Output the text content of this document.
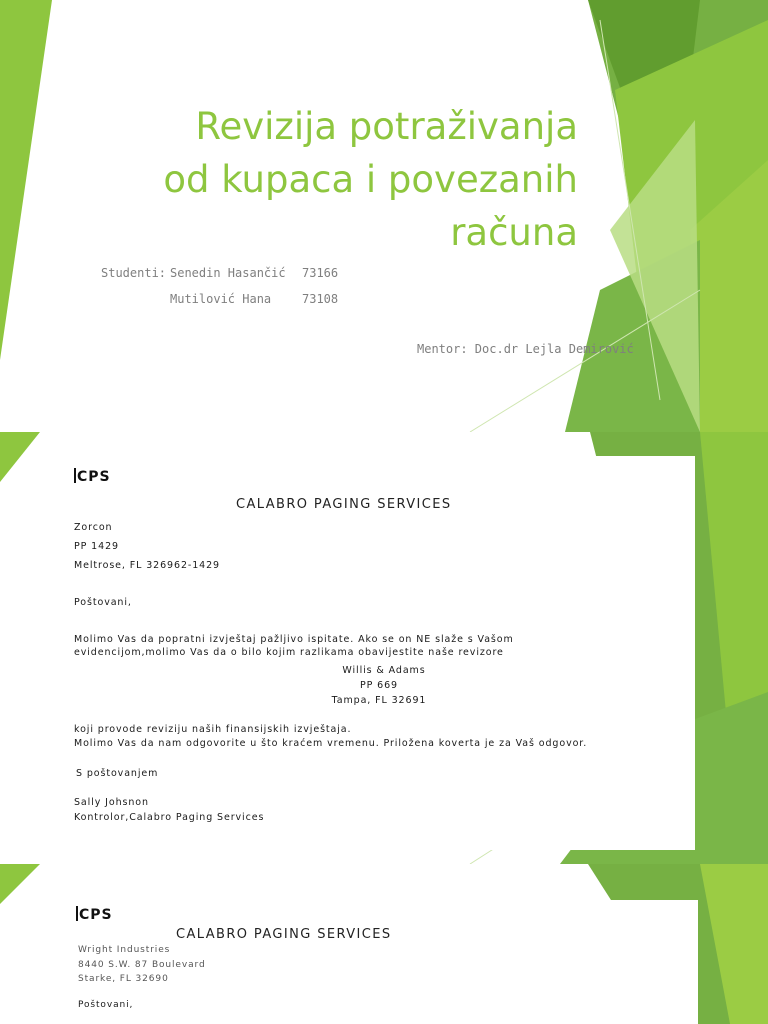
Revizija potraživanja
od kupaca i povezanih
računa
Studenti: Senedin Hasančić 73166
Mutilović Hana	73108
Mentor: Doc.dr Lejla Demirović
CPS
CALABRO PAGING SERVICES
Zorcon
PP 1429
Meltrose, FL 326962-1429
Poštovani,
Molimo Vas da popratni izvještaj pažljivo ispitate. Ako se on NE slaže s Vašom
evidencijom,molimo Vas da o bilo kojim razlikama obavijestite naše revizore
Willis & Adams
PP 669
Tampa, FL 32691
koji provode reviziju naših finansijskih izvještaja.
Molimo Vas da nam odgovorite u što kraćem vremenu. Priložena koverta je za Vaš odgovor.
S poštovanjem
Sally Johsnon
Kontrolor,Calabro Paging Services
CPS
CALABRO PAGING SERVICES
Wright Industries
8440 S.W. 87 Boulevard
Starke, FL 32690
Poštovani,
